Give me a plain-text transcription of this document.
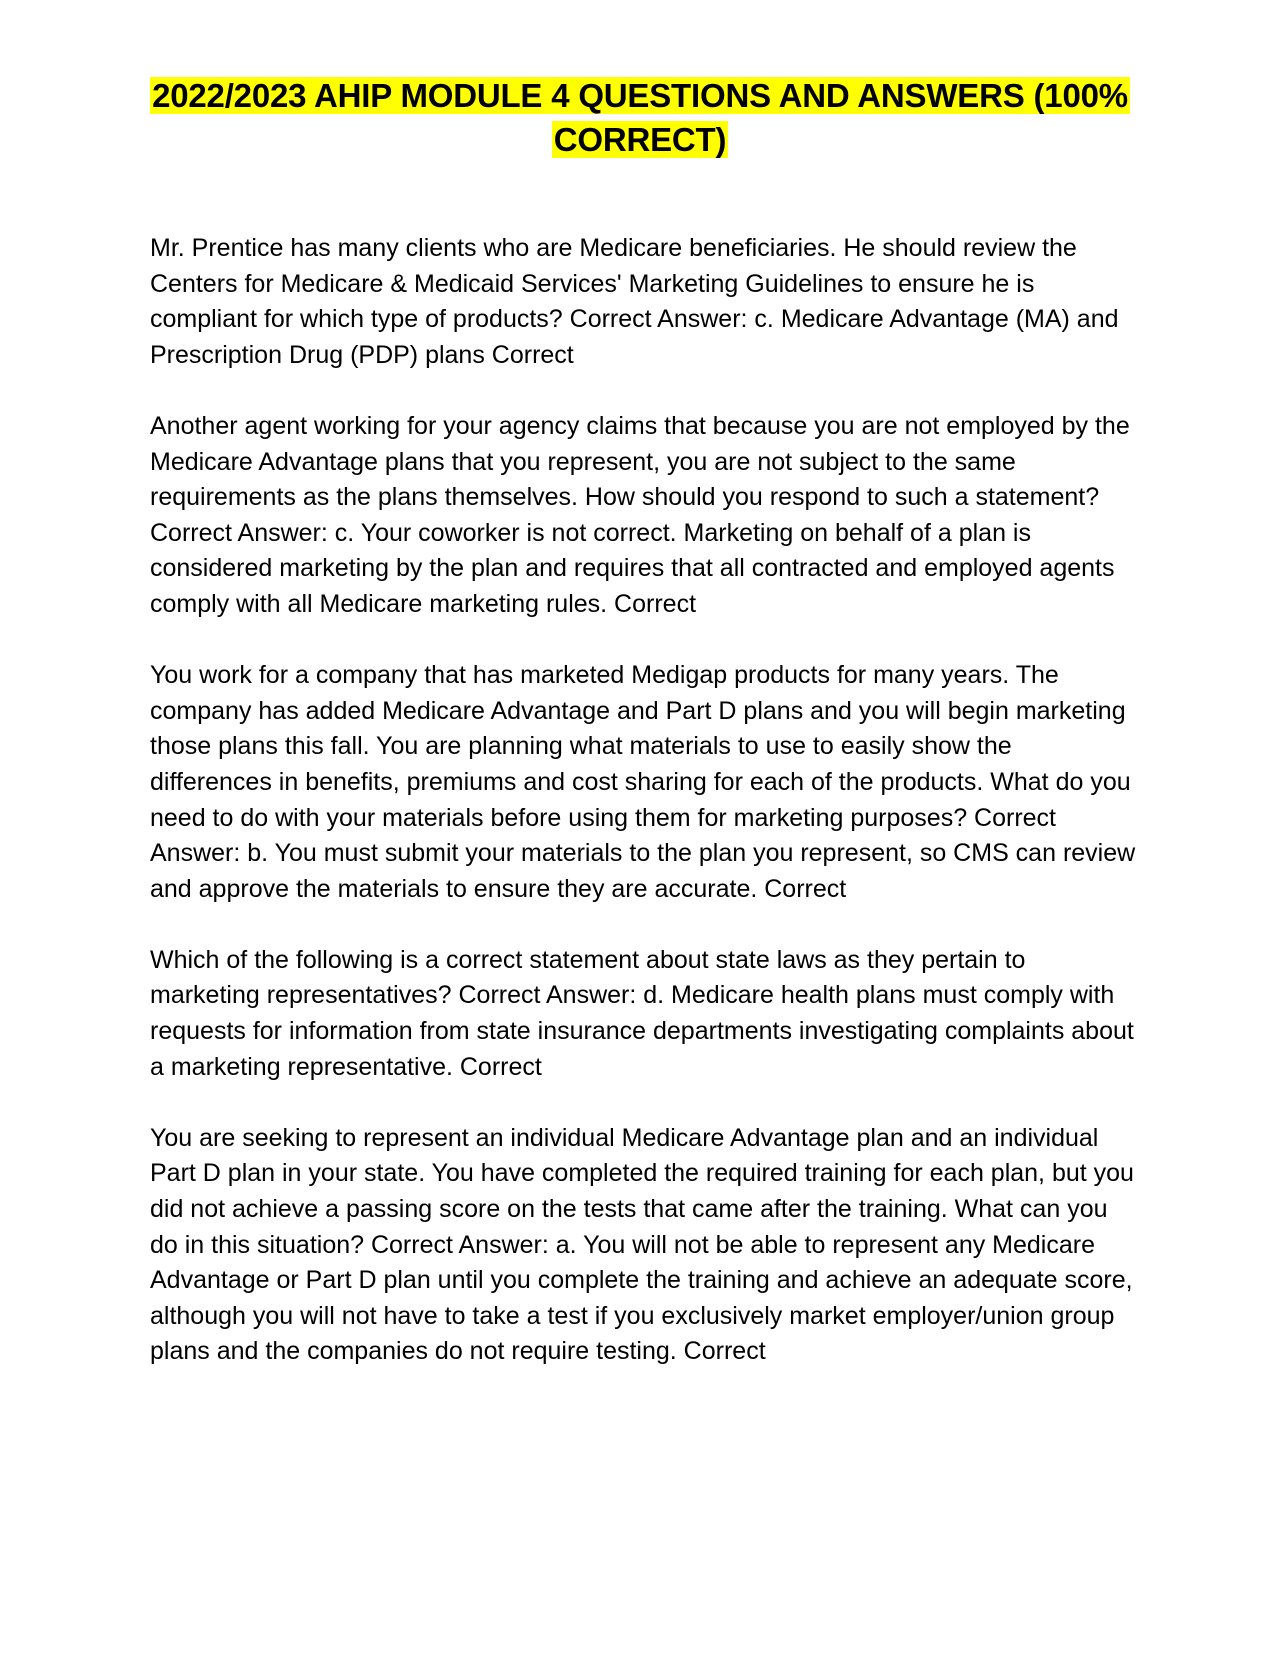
2022/2023 AHIP MODULE 4 QUESTIONS AND ANSWERS (100% CORRECT)

Mr. Prentice has many clients who are Medicare beneficiaries. He should review the Centers for Medicare & Medicaid Services' Marketing Guidelines to ensure he is compliant for which type of products? Correct Answer: c. Medicare Advantage (MA) and Prescription Drug (PDP) plans Correct

Another agent working for your agency claims that because you are not employed by the Medicare Advantage plans that you represent, you are not subject to the same requirements as the plans themselves. How should you respond to such a statement? Correct Answer: c. Your coworker is not correct. Marketing on behalf of a plan is considered marketing by the plan and requires that all contracted and employed agents comply with all Medicare marketing rules. Correct

You work for a company that has marketed Medigap products for many years. The company has added Medicare Advantage and Part D plans and you will begin marketing those plans this fall. You are planning what materials to use to easily show the differences in benefits, premiums and cost sharing for each of the products. What do you need to do with your materials before using them for marketing purposes? Correct Answer: b. You must submit your materials to the plan you represent, so CMS can review and approve the materials to ensure they are accurate. Correct

Which of the following is a correct statement about state laws as they pertain to marketing representatives? Correct Answer: d. Medicare health plans must comply with requests for information from state insurance departments investigating complaints about a marketing representative. Correct

You are seeking to represent an individual Medicare Advantage plan and an individual Part D plan in your state. You have completed the required training for each plan, but you did not achieve a passing score on the tests that came after the training. What can you do in this situation? Correct Answer: a. You will not be able to represent any Medicare Advantage or Part D plan until you complete the training and achieve an adequate score, although you will not have to take a test if you exclusively market employer/union group plans and the companies do not require testing. Correct
